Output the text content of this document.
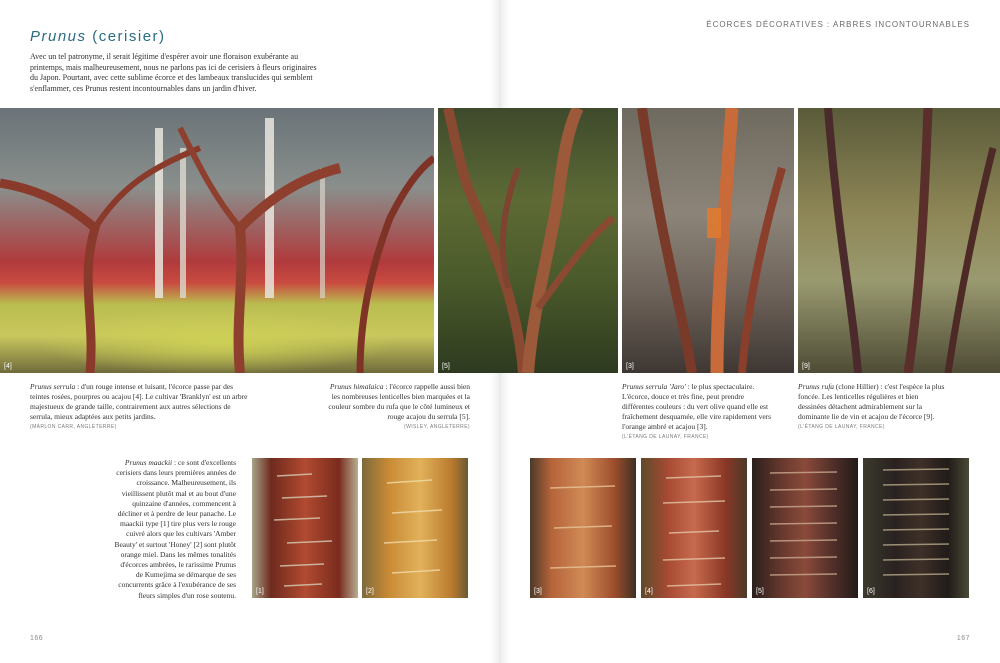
ÉCORCES DÉCORATIVES : ARBRES INCONTOURNABLES
Prunus (cerisier)

Avec un tel patronyme, il serait légitime d'espérer avoir une floraison exubérante au printemps, mais malheureusement, nous ne parlons pas ici de cerisiers à fleurs originaires du Japon. Pourtant, avec cette sublime écorce et des lambeaux translucides qui semblent s'enflammer, ces Prunus restent incontournables dans un jardin d'hiver.

[4]	[5]	[3]	[9]
Prunus serrula : d'un rouge intense et luisant, l'écorce passe par des teintes rosées, pourpres ou acajou [4]. Le cultivar 'Branklyn' est un arbre majestueux de grande taille, contrairement aux autres sélections de serrula, mieux adaptées aux petits jardins.
(MARLON CARR, ANGLETERRE)
Prunus himalaica : l'écorce rappelle aussi bien les nombreuses lenticelles bien marquées et la couleur sombre du rufa que le côté lumineux et rouge acajou du serrula [5].
(WISLEY, ANGLETERRE)
Prunus serrula 'Jaro' : le plus spectaculaire. L'écorce, douce et très fine, peut prendre différentes couleurs : du vert olive quand elle est fraîchement desquamée, elle vire rapidement vers l'orange ambré et acajou [3].
(L'ÉTANG DE LAUNAY, FRANCE)
Prunus rufa (clone Hillier) : c'est l'espèce la plus foncée. Les lenticelles régulières et bien dessinées détachent admirablement sur la dominante lie de vin et acajou de l'écorce [9].
(L'ÉTANG DE LAUNAY, FRANCE)

Prunus maackii : ce sont d'excellents cerisiers dans leurs premières années de croissance. Malheureusement, ils vieillissent plutôt mal et au bout d'une quinzaine d'années, commencent à décliner et à perdre de leur panache. Le maackii type [1] tire plus vers le rouge cuivré alors que les cultivars 'Amber Beauty' et surtout 'Honey' [2] sont plutôt orange miel. Dans les mêmes tonalités d'écorces ambrées, le rarissime Prunus de Kumejima se démarque de ses concurrents grâce à l'exubérance de ses fleurs simples d'un rose soutenu.	[1]	[2]	[3]	[4]	[5]	[6]
166	167
